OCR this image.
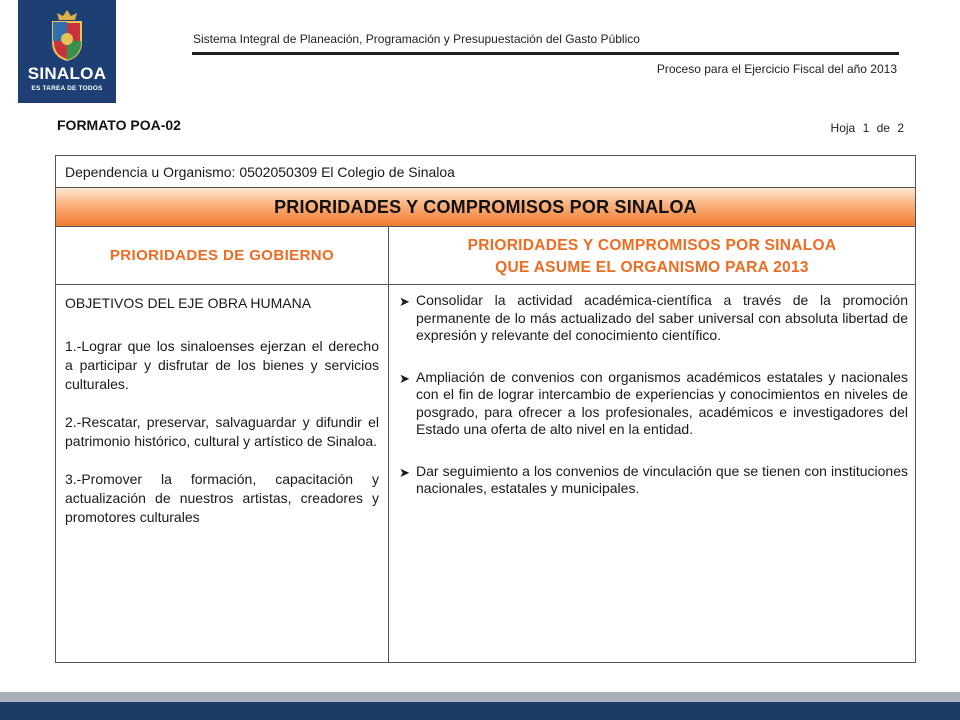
SINALOA
ES TAREA DE TODOS
Sistema Integral de Planeación, Programación y Presupuestación del Gasto Público
Proceso para el Ejercicio Fiscal del año 2013
FORMATO POA-02	Hoja 1 de 2
Dependencia u Organismo: 0502050309 El Colegio de Sinaloa
PRIORIDADES Y COMPROMISOS POR SINALOA
PRIORIDADES DE GOBIERNO
PRIORIDADES Y COMPROMISOS POR SINALOA
QUE ASUME EL ORGANISMO PARA 2013

OBJETIVOS DEL EJE OBRA HUMANA

1.-Lograr que los sinaloenses ejerzan el derecho a participar y disfrutar de los bienes y servicios culturales.

2.-Rescatar, preservar, salvaguardar y difundir el patrimonio histórico, cultural y artístico de Sinaloa.

3.-Promover la formación, capacitación y actualización de nuestros artistas, creadores y promotores culturales

➤ Consolidar la actividad académica-científica a través de la promoción permanente de lo más actualizado del saber universal con absoluta libertad de expresión y relevante del conocimiento científico.
➤ Ampliación de convenios con organismos académicos estatales y nacionales con el fin de lograr intercambio de experiencias y conocimientos en niveles de posgrado, para ofrecer a los profesionales, académicos e investigadores del Estado una oferta de alto nivel en la entidad.
➤ Dar seguimiento a los convenios de vinculación que se tienen con instituciones nacionales, estatales y municipales.
